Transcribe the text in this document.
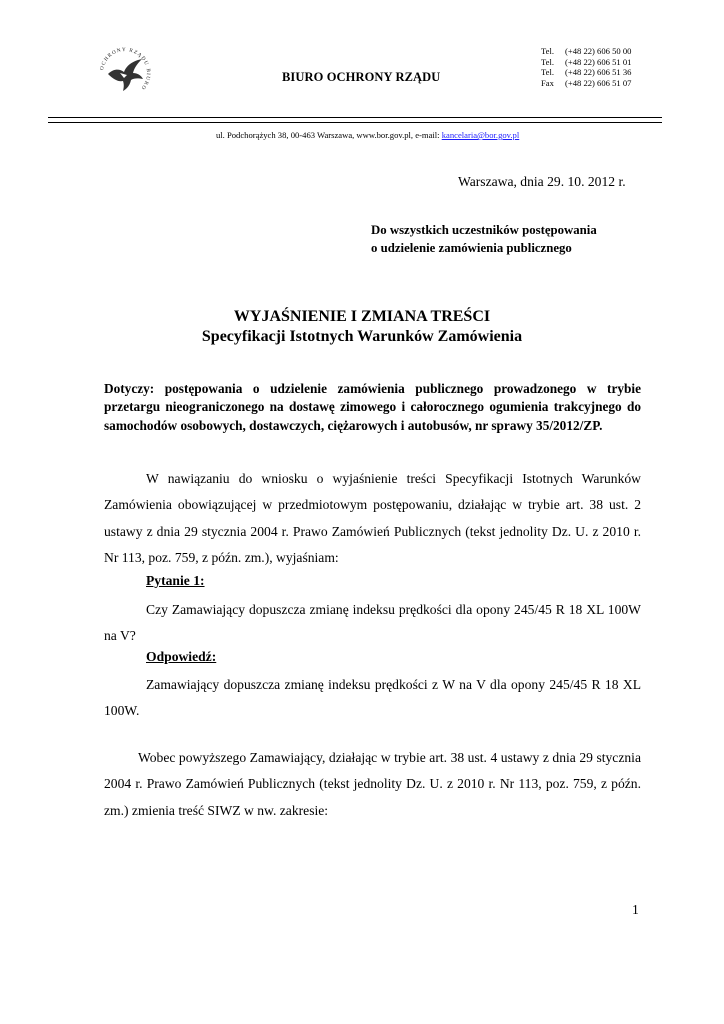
OCHRONY RZĄDU BIURO
BIURO OCHRONY RZĄDU
Tel. (+48 22) 606 50 00
Tel. (+48 22) 606 51 01
Tel. (+48 22) 606 51 36
Fax (+48 22) 606 51 07
ul. Podchorążych 38, 00-463 Warszawa, www.bor.gov.pl, e-mail: kancelaria@bor.gov.pl
Warszawa, dnia 29. 10. 2012 r.
Do wszystkich uczestników postępowania
o udzielenie zamówienia publicznego
WYJAŚNIENIE I ZMIANA TREŚCI
Specyfikacji Istotnych Warunków Zamówienia
Dotyczy: postępowania o udzielenie zamówienia publicznego prowadzonego w trybie przetargu nieograniczonego na dostawę zimowego i całorocznego ogumienia trakcyjnego do samochodów osobowych, dostawczych, ciężarowych i autobusów, nr sprawy 35/2012/ZP.
W nawiązaniu do wniosku o wyjaśnienie treści Specyfikacji Istotnych Warunków Zamówienia obowiązującej w przedmiotowym postępowaniu, działając w trybie art. 38 ust. 2 ustawy z dnia 29 stycznia 2004 r. Prawo Zamówień Publicznych (tekst jednolity Dz. U. z 2010 r. Nr 113, poz. 759, z późn. zm.), wyjaśniam:
Pytanie 1:
Czy Zamawiający dopuszcza zmianę indeksu prędkości dla opony 245/45 R 18 XL 100W na V?
Odpowiedź:
Zamawiający dopuszcza zmianę indeksu prędkości z W na V dla opony 245/45 R 18 XL 100W.
Wobec powyższego Zamawiający, działając w trybie art. 38 ust. 4 ustawy z dnia 29 stycznia 2004 r. Prawo Zamówień Publicznych (tekst jednolity Dz. U. z 2010 r. Nr 113, poz. 759, z późn. zm.) zmienia treść SIWZ w nw. zakresie:
1
